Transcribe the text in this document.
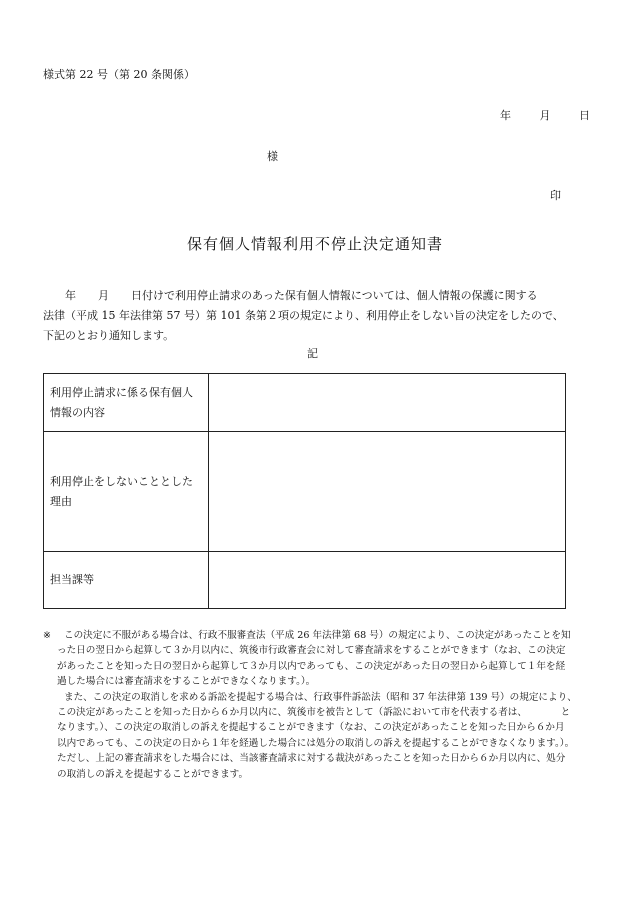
様式第 22 号（第 20 条関係）
年	月	日
様
印
保有個人情報利用不停止決定通知書
　　年　　月　　日付けで利用停止請求のあった保有個人情報については、個人情報の保護に関する
法律（平成 15 年法律第 57 号）第 101 条第２項の規定により、利用停止をしない旨の決定をしたので、
下記のとおり通知します。
記
利用停止請求に係る保有個人
情報の内容	

利用停止をしないこととした
理由	

担当課等	

※	この決定に不服がある場合は、行政不服審査法（平成 26 年法律第 68 号）の規定により、この決定があったことを知
った日の翌日から起算して３か月以内に、筑後市行政審査会に対して審査請求をすることができます（なお、この決定
があったことを知った日の翌日から起算して３か月以内であっても、この決定があった日の翌日から起算して１年を経
過した場合には審査請求をすることができなくなります。）。
また、この決定の取消しを求める訴訟を提起する場合は、行政事件訴訟法（昭和 37 年法律第 139 号）の規定により、
この決定があったことを知った日から６か月以内に、筑後市を被告として（訴訟において市を代表する者は、　　　　と
なります。）、この決定の取消しの訴えを提起することができます（なお、この決定があったことを知った日から６か月
以内であっても、この決定の日から１年を経過した場合には処分の取消しの訴えを提起することができなくなります。）。
ただし、上記の審査請求をした場合には、当該審査請求に対する裁決があったことを知った日から６か月以内に、処分
の取消しの訴えを提起することができます。
